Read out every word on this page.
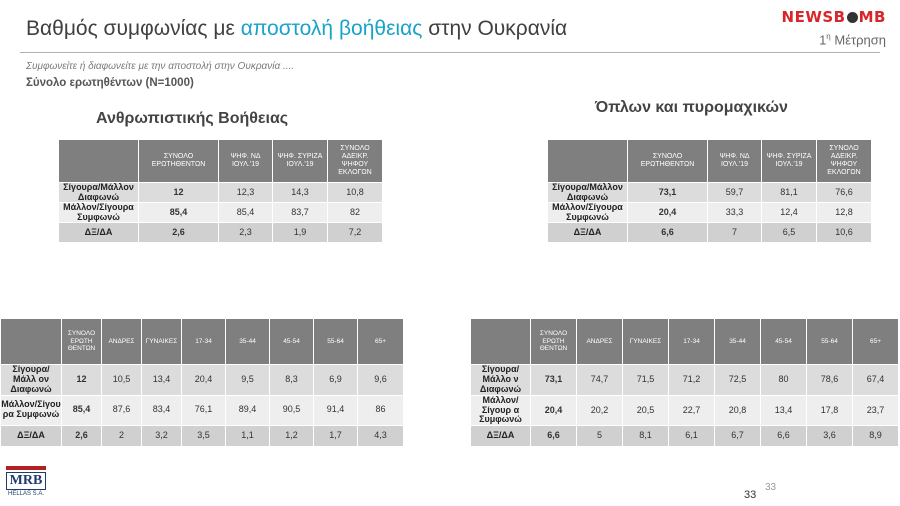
Βαθμός συμφωνίας με αποστολή βοήθειας στην Ουκρανία	NEWSB MB
$1^\eta$ Μέτρηση
Συμφωνείτε ή διαφωνείτε με την αποστολή στην Ουκρανία ....
Σύνολο ερωτηθέντων (N=1000)
Ανθρωπιστικής Βοήθειας
Όπλων και πυρομαχικών
	ΣΥΝΟΛΟ ΕΡΩΤΗΘΕΝΤΩΝ	ΨΗΦ. ΝΔ ΙΟΥΛ.'19	ΨΗΦ. ΣΥΡΙΖΑ ΙΟΥΛ.'19	ΣΥΝΟΛΟ ΑΔΕΙΚΡ. ΨΗΦΟΥ ΕΚΛΟΓΩΝ
Σίγουρα/Μάλλον Διαφωνώ	12	12,3	14,3	10,8
Μάλλον/Σίγουρα Συμφωνώ	85,4	85,4	83,7	82
ΔΞ/ΔΑ	2,6	2,3	1,9	7,2
	ΣΥΝΟΛΟ ΕΡΩΤΗΘΕΝΤΩΝ	ΨΗΦ. ΝΔ ΙΟΥΛ.'19	ΨΗΦ. ΣΥΡΙΖΑ ΙΟΥΛ.'19	ΣΥΝΟΛΟ ΑΔΕΙΚΡ. ΨΗΦΟΥ ΕΚΛΟΓΩΝ
Σίγουρα/Μάλλον Διαφωνώ	73,1	59,7	81,1	76,6
Μάλλον/Σίγουρα Συμφωνώ	20,4	33,3	12,4	12,8
ΔΞ/ΔΑ	6,6	7	6,5	10,6
	ΣΥΝΟΛΟ ΕΡΩΤΗ ΘΕΝΤΩΝ	ΑΝΔΡΕΣ	ΓΥΝΑΙΚΕΣ	17-34	35-44	45-54	55-64	65+
Σίγουρα/Μάλλ ον Διαφωνώ	12	10,5	13,4	20,4	9,5	8,3	6,9	9,6
Μάλλον/Σίγου ρα Συμφωνώ	85,4	87,6	83,4	76,1	89,4	90,5	91,4	86
ΔΞ/ΔΑ	2,6	2	3,2	3,5	1,1	1,2	1,7	4,3
	ΣΥΝΟΛΟ ΕΡΩΤΗ ΘΕΝΤΩΝ	ΑΝΔΡΕΣ	ΓΥΝΑΙΚΕΣ	17-34	35-44	45-54	55-64	65+
Σίγουρα/Μάλλο ν Διαφωνώ	73,1	74,7	71,5	71,2	72,5	80	78,6	67,4
Μάλλον/Σίγουρ α Συμφωνώ	20,4	20,2	20,5	22,7	20,8	13,4	17,8	23,7
ΔΞ/ΔΑ	6,6	5	8,1	6,1	6,7	6,6	3,6	8,9
MRB
HELLAS S.A.
33
33
